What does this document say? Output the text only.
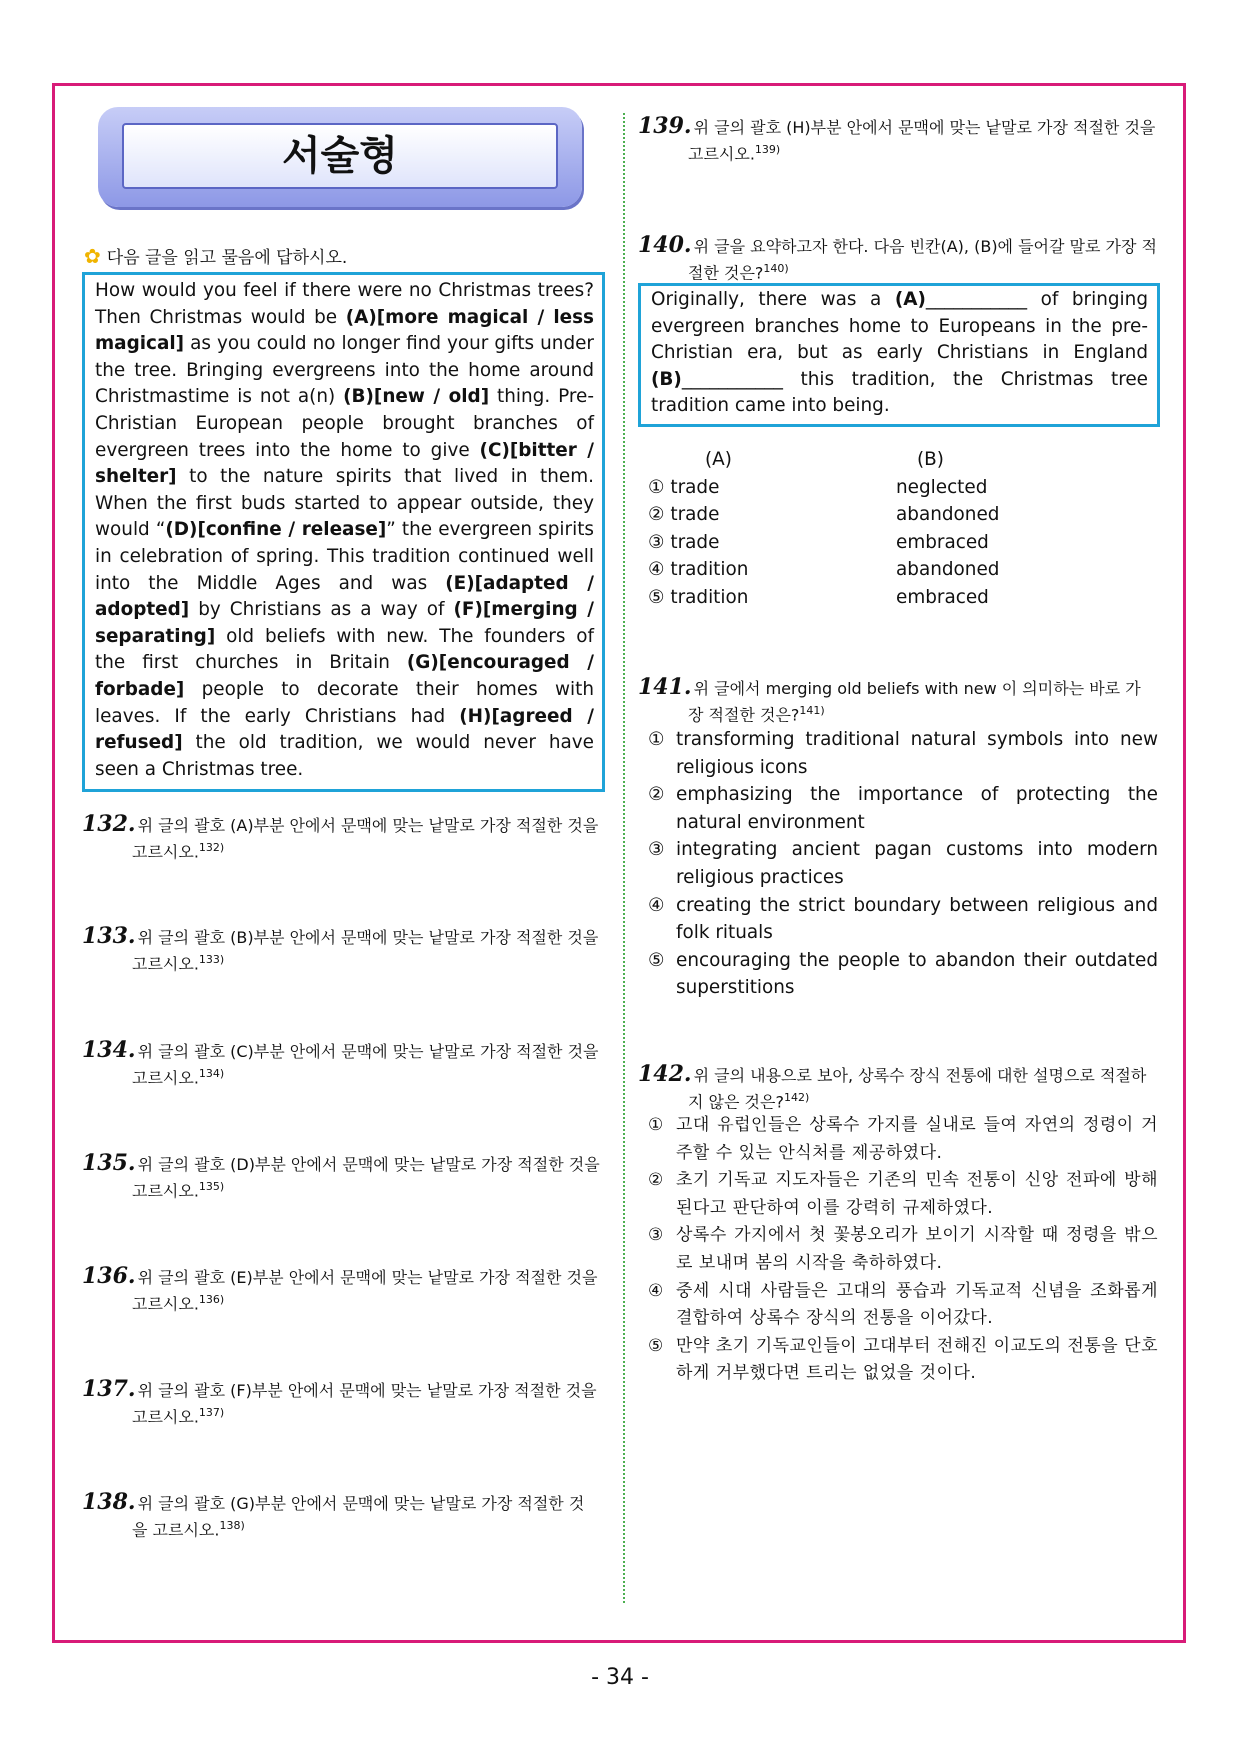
서술형
✿ 다음 글을 읽고 물음에 답하시오.
How would you feel if there were no Christmas trees? Then Christmas would be (A)[more magical / less magical] as you could no longer find your gifts under the tree. Bringing evergreens into the home around Christmastime is not a(n) (B)[new / old] thing. Pre-Christian European people brought branches of evergreen trees into the home to give (C)[bitter / shelter] to the nature spirits that lived in them. When the first buds started to appear outside, they would “(D)[confine / release]” the evergreen spirits in celebration of spring. This tradition continued well into the Middle Ages and was (E)[adapted / adopted] by Christians as a way of (F)[merging / separating] old beliefs with new. The founders of the first churches in Britain (G)[encouraged / forbade] people to decorate their homes with leaves. If the early Christians had (H)[agreed / refused] the old tradition, we would never have seen a Christmas tree.
132. 위 글의 괄호 (A)부분 안에서 문맥에 맞는 낱말로 가장 적절한 것을
고르시오.$^{132)}$
133. 위 글의 괄호 (B)부분 안에서 문맥에 맞는 낱말로 가장 적절한 것을
고르시오.$^{133)}$
134. 위 글의 괄호 (C)부분 안에서 문맥에 맞는 낱말로 가장 적절한 것을
고르시오.$^{134)}$
135. 위 글의 괄호 (D)부분 안에서 문맥에 맞는 낱말로 가장 적절한 것을
고르시오.$^{135)}$
136. 위 글의 괄호 (E)부분 안에서 문맥에 맞는 낱말로 가장 적절한 것을
고르시오.$^{136)}$
137. 위 글의 괄호 (F)부분 안에서 문맥에 맞는 낱말로 가장 적절한 것을
고르시오.$^{137)}$
138. 위 글의 괄호 (G)부분 안에서 문맥에 맞는 낱말로 가장 적절한 것
을 고르시오.$^{138)}$
139. 위 글의 괄호 (H)부분 안에서 문맥에 맞는 낱말로 가장 적절한 것을
고르시오.$^{139)}$
140. 위 글을 요약하고자 한다. 다음 빈칸(A), (B)에 들어갈 말로 가장 적
절한 것은?$^{140)}$
Originally, there was a (A)___________ of bringing evergreen branches home to Europeans in the pre-Christian era, but as early Christians in England (B)___________ this tradition, the Christmas tree tradition came into being.
(A)	(B)
① trade	neglected
② trade	abandoned
③ trade	embraced
④ tradition	abandoned
⑤ tradition	embraced
141. 위 글에서 merging old beliefs with new 이 의미하는 바로 가
장 적절한 것은?$^{141)}$
① transforming traditional natural symbols into new religious icons
② emphasizing the importance of protecting the natural environment
③ integrating ancient pagan customs into modern religious practices
④ creating the strict boundary between religious and folk rituals
⑤ encouraging the people to abandon their outdated superstitions
142. 위 글의 내용으로 보아, 상록수 장식 전통에 대한 설명으로 적절하
지 않은 것은?$^{142)}$
① 고대 유럽인들은 상록수 가지를 실내로 들여 자연의 정령이 거주할 수 있는 안식처를 제공하였다.
② 초기 기독교 지도자들은 기존의 민속 전통이 신앙 전파에 방해된다고 판단하여 이를 강력히 규제하였다.
③ 상록수 가지에서 첫 꽃봉오리가 보이기 시작할 때 정령을 밖으로 보내며 봄의 시작을 축하하였다.
④ 중세 시대 사람들은 고대의 풍습과 기독교적 신념을 조화롭게 결합하여 상록수 장식의 전통을 이어갔다.
⑤ 만약 초기 기독교인들이 고대부터 전해진 이교도의 전통을 단호하게 거부했다면 트리는 없었을 것이다.
- 34 -
